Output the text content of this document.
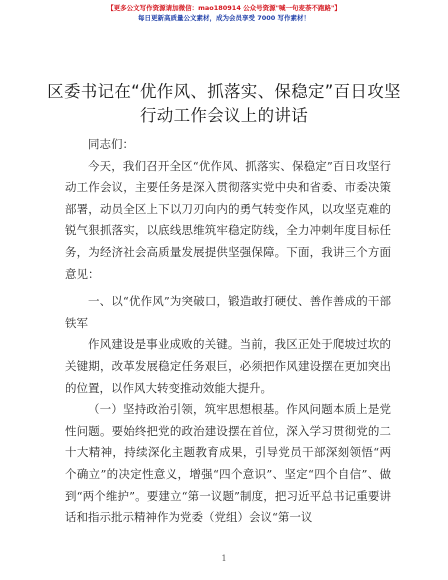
【更多公文写作资源请加微信：mao180914 公众号资源"喊一句麦荼不跑路"】
每日更新高质量公文素材，成为会员享受 7000 写作素材！
区委书记在“优作风、抓落实、保稳定”百日攻坚行动工作会议上的讲话

同志们：

今天，我们召开全区“优作风、抓落实、保稳定”百日攻坚行动工作会议，主要任务是深入贯彻落实党中央和省委、市委决策部署，动员全区上下以刀刃向内的勇气转变作风，以攻坚克难的锐气狠抓落实，以底线思维筑牢稳定防线，全力冲刺年度目标任务，为经济社会高质量发展提供坚强保障。下面，我讲三个方面意见：

一、以“优作风”为突破口，锻造敢打硬仗、善作善成的干部铁军

作风建设是事业成败的关键。当前，我区正处于爬坡过坎的关键期，改革发展稳定任务艰巨，必须把作风建设摆在更加突出的位置，以作风大转变推动效能大提升。

（一）坚持政治引领，筑牢思想根基。作风问题本质上是党性问题。要始终把党的政治建设摆在首位，深入学习贯彻党的二十大精神，持续深化主题教育成果，引导党员干部深刻领悟“两个确立”的决定性意义，增强“四个意识”、坚定“四个自信”、做到“两个维护”。要建立“第一议题”制度，把习近平总书记重要讲话和指示批示精神作为党委（党组）会议“第一议

1
